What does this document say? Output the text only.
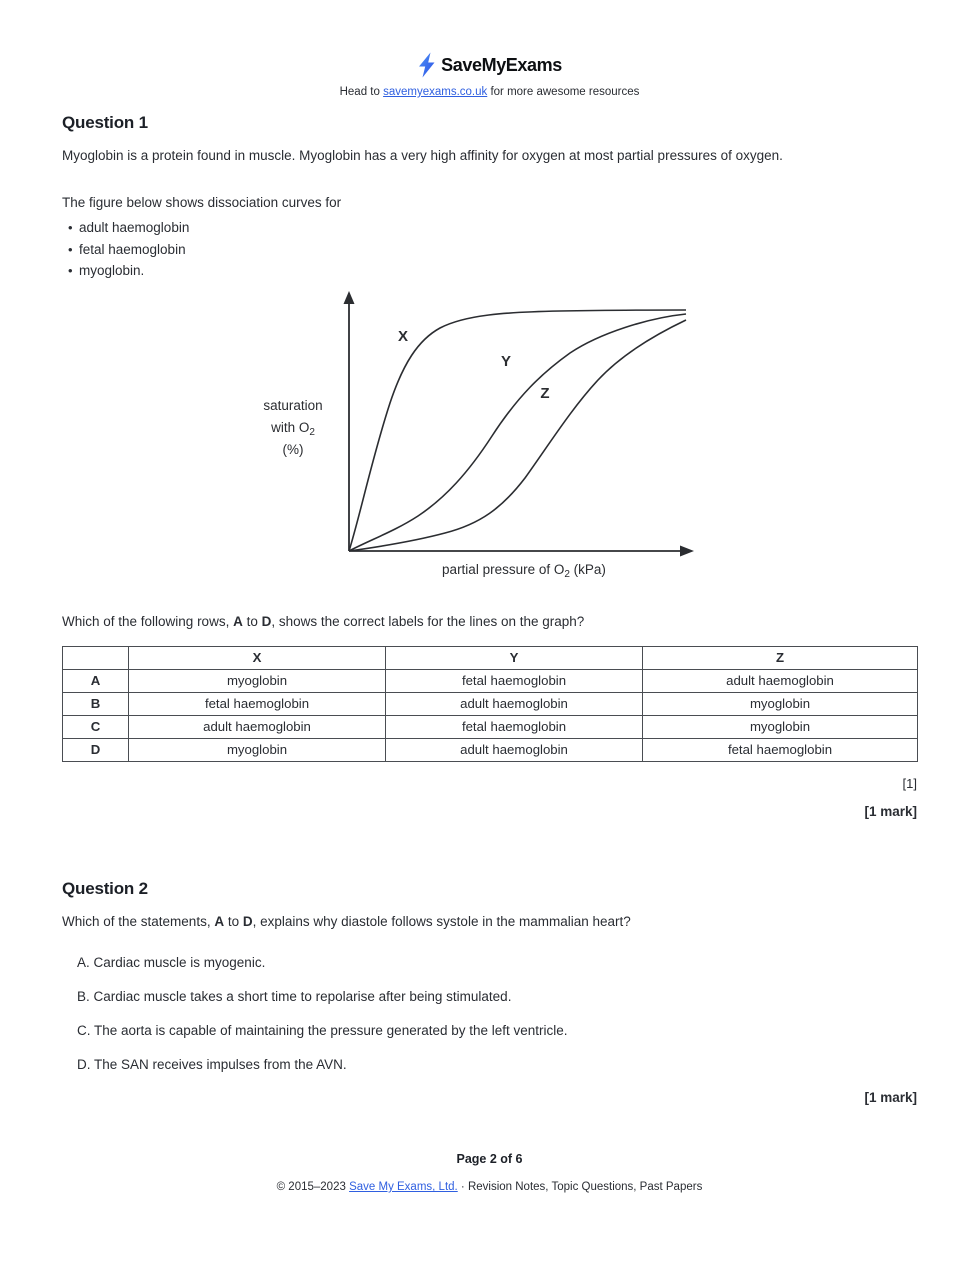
SaveMyExams
Head to savemyexams.co.uk for more awesome resources
Question 1
Myoglobin is a protein found in muscle. Myoglobin has a very high affinity for oxygen at most partial pressures of oxygen.
The figure below shows dissociation curves for
• adult haemoglobin
• fetal haemoglobin
• myoglobin.
X
Y
Z
saturation
with $O_2$
(%)
partial pressure of $O_2$ (kPa)
Which of the following rows, A to D, shows the correct labels for the lines on the graph?
	X	Y	Z
A	myoglobin	fetal haemoglobin	adult haemoglobin
B	fetal haemoglobin	adult haemoglobin	myoglobin
C	adult haemoglobin	fetal haemoglobin	myoglobin
D	myoglobin	adult haemoglobin	fetal haemoglobin
[1]
[1 mark]
Question 2
Which of the statements, A to D, explains why diastole follows systole in the mammalian heart?
A. Cardiac muscle is myogenic.
B. Cardiac muscle takes a short time to repolarise after being stimulated.
C. The aorta is capable of maintaining the pressure generated by the left ventricle.
D. The SAN receives impulses from the AVN.
[1 mark]
Page 2 of 6
© 2015–2023 Save My Exams, Ltd. · Revision Notes, Topic Questions, Past Papers
